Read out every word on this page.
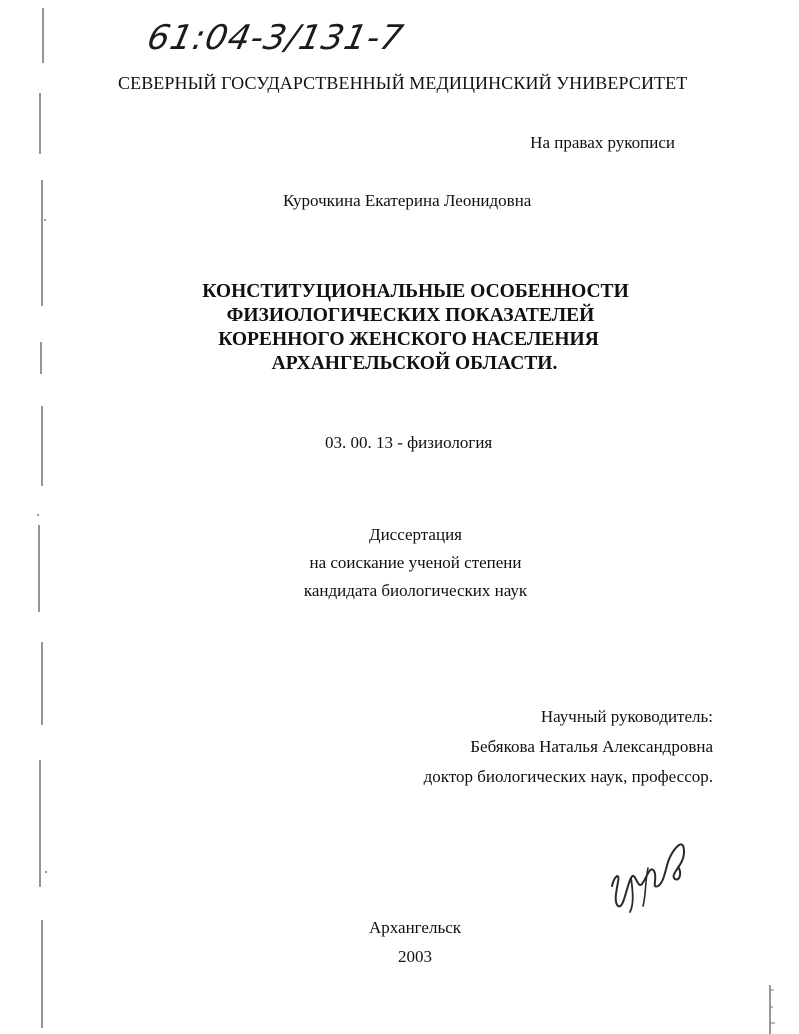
61:04-3/131-7
СЕВЕРНЫЙ ГОСУДАРСТВЕННЫЙ МЕДИЦИНСКИЙ УНИВЕРСИТЕТ
На правах рукописи
Курочкина Екатерина Леонидовна
КОНСТИТУЦИОНАЛЬНЫЕ ОСОБЕННОСТИ
ФИЗИОЛОГИЧЕСКИХ ПОКАЗАТЕЛЕЙ
КОРЕННОГО ЖЕНСКОГО НАСЕЛЕНИЯ
АРХАНГЕЛЬСКОЙ ОБЛАСТИ.
03. 00. 13 - физиология
Диссертация
на соискание ученой степени
кандидата биологических наук
Научный руководитель:
Бебякова Наталья Александровна
доктор биологических наук, профессор.
Архангельск
2003
